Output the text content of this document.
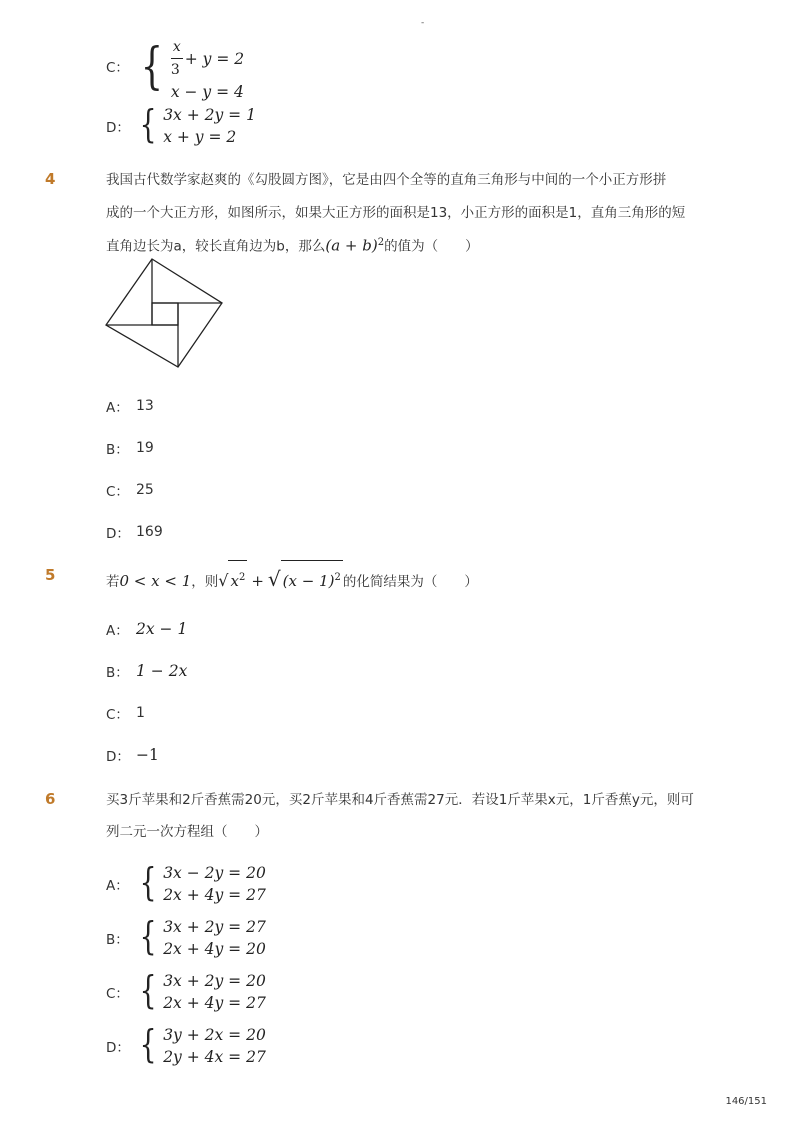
-
C： { $\frac{x}{3} + y = 2$
x − y = 4
D： { 3x + 2y = 1
x + y = 2
4	我国古代数学家赵爽的《勾股圆方图》，它是由四个全等的直角三角形与中间的一个小正方形拼
成的一个大正方形，如图所示，如果大正方形的面积是13，小正方形的面积是1，直角三角形的短
直角边长为a，较长直角边为b，那么$(a + b)^2$的值为（　　）
A： 13
B： 19
C： 25
D： 169
5	若0 < x < 1，则√ $x^2$ + √ $(x - 1)^2$ 的化简结果为（　　）
A： 2x − 1
B： 1 − 2x
C： 1
D： −1
6	买3斤苹果和2斤香蕉需20元，买2斤苹果和4斤香蕉需27元．若设1斤苹果x元，1斤香蕉y元，则可
列二元一次方程组（　　）
A： { 3x − 2y = 20
2x + 4y = 27
B： { 3x + 2y = 27
2x + 4y = 20
C： { 3x + 2y = 20
2x + 4y = 27
D： { 3y + 2x = 20
2y + 4x = 27
146/151
